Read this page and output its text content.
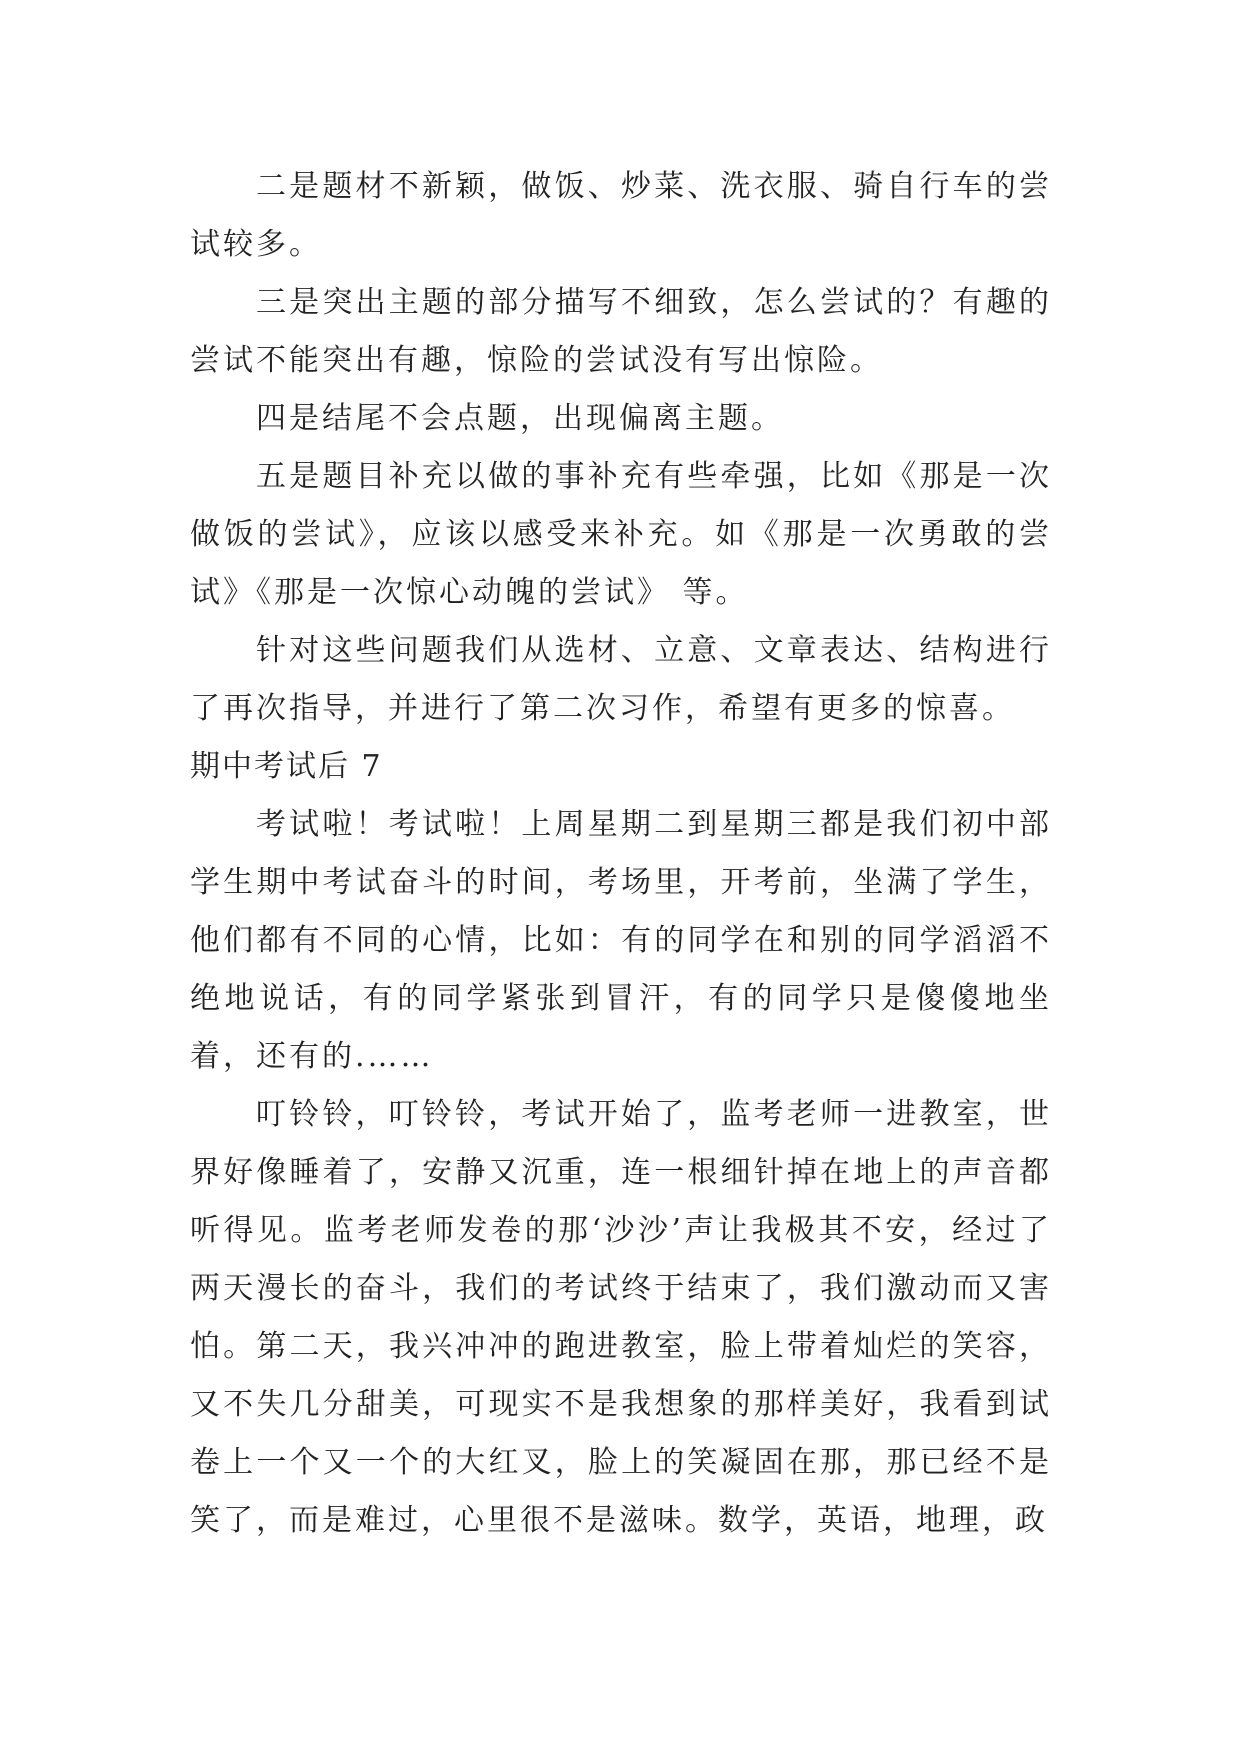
二是题材不新颖，做饭、炒菜、洗衣服、骑自行车的尝试较多。

三是突出主题的部分描写不细致，怎么尝试的？有趣的尝试不能突出有趣，惊险的尝试没有写出惊险。

四是结尾不会点题，出现偏离主题。

五是题目补充以做的事补充有些牵强，比如《那是一次做饭的尝试》，应该以感受来补充。如《那是一次勇敢的尝试》《那是一次惊心动魄的尝试》 等。

针对这些问题我们从选材、立意、文章表达、结构进行了再次指导，并进行了第二次习作，希望有更多的惊喜。

期中考试后 7

考试啦！考试啦！上周星期二到星期三都是我们初中部学生期中考试奋斗的时间，考场里，开考前，坐满了学生，他们都有不同的心情，比如：有的同学在和别的同学滔滔不绝地说话，有的同学紧张到冒汗，有的同学只是傻傻地坐着，还有的.……

叮铃铃，叮铃铃，考试开始了，监考老师一进教室，世界好像睡着了，安静又沉重，连一根细针掉在地上的声音都听得见。监考老师发卷的那‘沙沙’声让我极其不安，经过了两天漫长的奋斗，我们的考试终于结束了，我们激动而又害怕。第二天，我兴冲冲的跑进教室，脸上带着灿烂的笑容，又不失几分甜美，可现实不是我想象的那样美好，我看到试卷上一个又一个的大红叉，脸上的笑凝固在那，那已经不是笑了，而是难过，心里很不是滋味。数学，英语，地理，政
